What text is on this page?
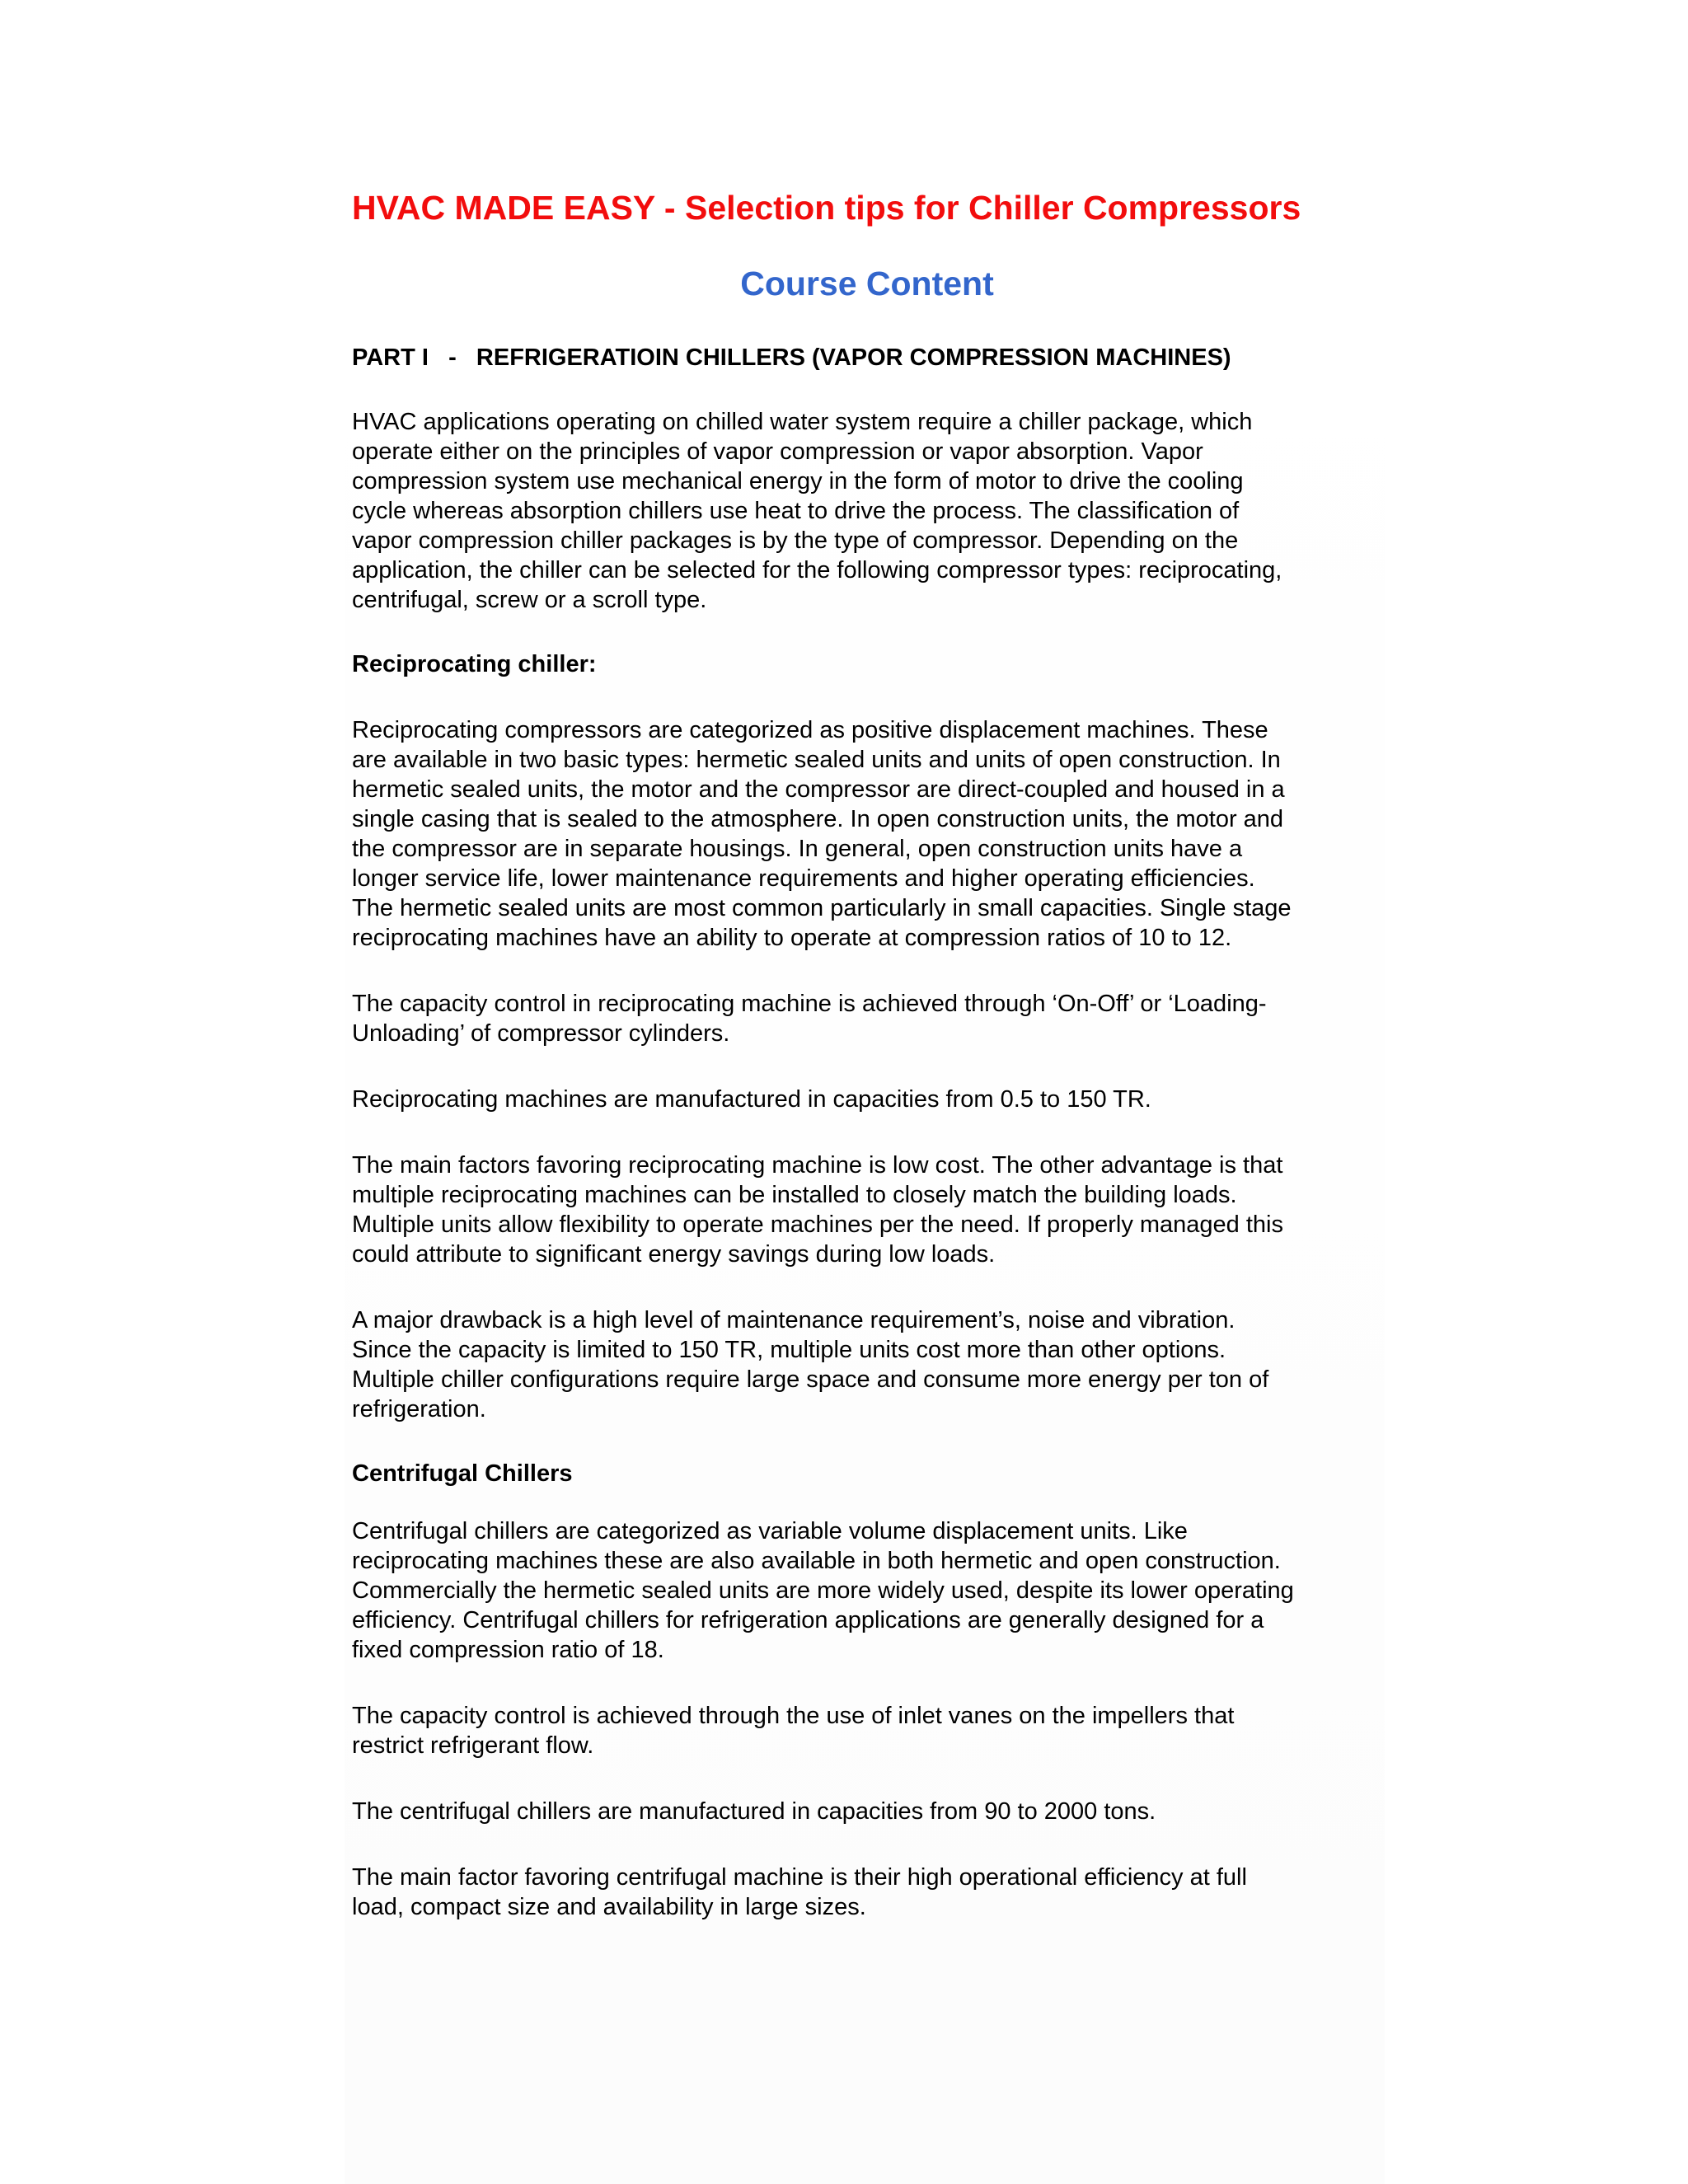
HVAC MADE EASY - Selection tips for Chiller Compressors
Course Content
PART I   -   REFRIGERATIOIN CHILLERS (VAPOR COMPRESSION MACHINES)

HVAC applications operating on chilled water system require a chiller package, which
operate either on the principles of vapor compression or vapor absorption. Vapor
compression system use mechanical energy in the form of motor to drive the cooling
cycle whereas absorption chillers use heat to drive the process. The classification of
vapor compression chiller packages is by the type of compressor. Depending on the
application, the chiller can be selected for the following compressor types: reciprocating,
centrifugal, screw or a scroll type.

Reciprocating chiller:

Reciprocating compressors are categorized as positive displacement machines. These
are available in two basic types: hermetic sealed units and units of open construction. In
hermetic sealed units, the motor and the compressor are direct-coupled and housed in a
single casing that is sealed to the atmosphere. In open construction units, the motor and
the compressor are in separate housings. In general, open construction units have a
longer service life, lower maintenance requirements and higher operating efficiencies.
The hermetic sealed units are most common particularly in small capacities. Single stage
reciprocating machines have an ability to operate at compression ratios of 10 to 12.

The capacity control in reciprocating machine is achieved through ‘On-Off’ or ‘Loading-
Unloading’ of compressor cylinders.

Reciprocating machines are manufactured in capacities from 0.5 to 150 TR.

The main factors favoring reciprocating machine is low cost. The other advantage is that
multiple reciprocating machines can be installed to closely match the building loads.
Multiple units allow flexibility to operate machines per the need. If properly managed this
could attribute to significant energy savings during low loads.

A major drawback is a high level of maintenance requirement’s, noise and vibration.
Since the capacity is limited to 150 TR, multiple units cost more than other options.
Multiple chiller configurations require large space and consume more energy per ton of
refrigeration.

Centrifugal Chillers

Centrifugal chillers are categorized as variable volume displacement units. Like
reciprocating machines these are also available in both hermetic and open construction.
Commercially the hermetic sealed units are more widely used, despite its lower operating
efficiency. Centrifugal chillers for refrigeration applications are generally designed for a
fixed compression ratio of 18.

The capacity control is achieved through the use of inlet vanes on the impellers that
restrict refrigerant flow.

The centrifugal chillers are manufactured in capacities from 90 to 2000 tons.

The main factor favoring centrifugal machine is their high operational efficiency at full
load, compact size and availability in large sizes.
